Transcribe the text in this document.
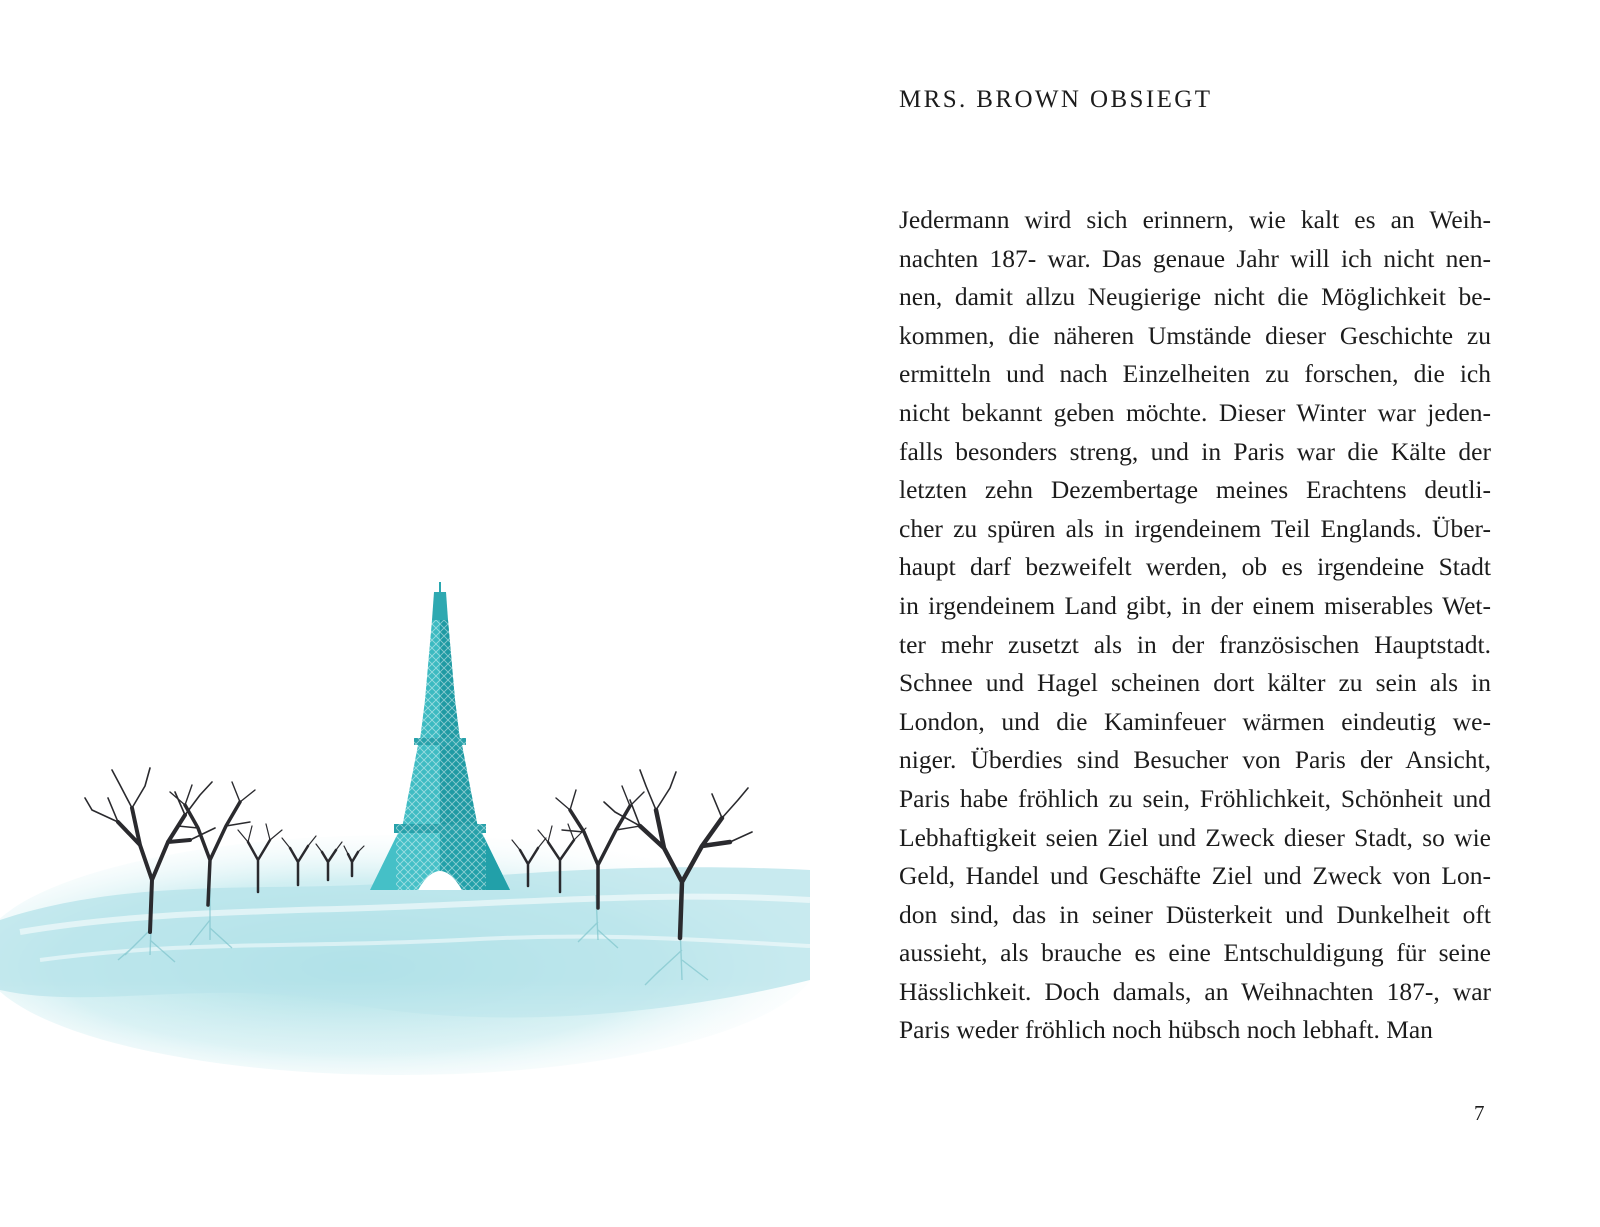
MRS. BROWN OBSIEGT
Jedermann wird sich erinnern, wie kalt es an Weih-
nachten 187- war. Das genaue Jahr will ich nicht nen-
nen, damit allzu Neugierige nicht die Möglichkeit be-
kommen, die näheren Umstände dieser Geschichte zu
ermitteln und nach Einzelheiten zu forschen, die ich
nicht bekannt geben möchte. Dieser Winter war jeden-
falls besonders streng, und in Paris war die Kälte der
letzten zehn Dezembertage meines Erachtens deutli-
cher zu spüren als in irgendeinem Teil Englands. Über-
haupt darf bezweifelt werden, ob es irgendeine Stadt
in irgendeinem Land gibt, in der einem miserables Wet-
ter mehr zusetzt als in der französischen Hauptstadt.
Schnee und Hagel scheinen dort kälter zu sein als in
London, und die Kaminfeuer wärmen eindeutig we-
niger. Überdies sind Besucher von Paris der Ansicht,
Paris habe fröhlich zu sein, Fröhlichkeit, Schönheit und
Lebhaftigkeit seien Ziel und Zweck dieser Stadt, so wie
Geld, Handel und Geschäfte Ziel und Zweck von Lon-
don sind, das in seiner Düsterkeit und Dunkelheit oft
aussieht, als brauche es eine Entschuldigung für seine
Hässlichkeit. Doch damals, an Weihnachten 187-, war
Paris weder fröhlich noch hübsch noch lebhaft. Man
7
